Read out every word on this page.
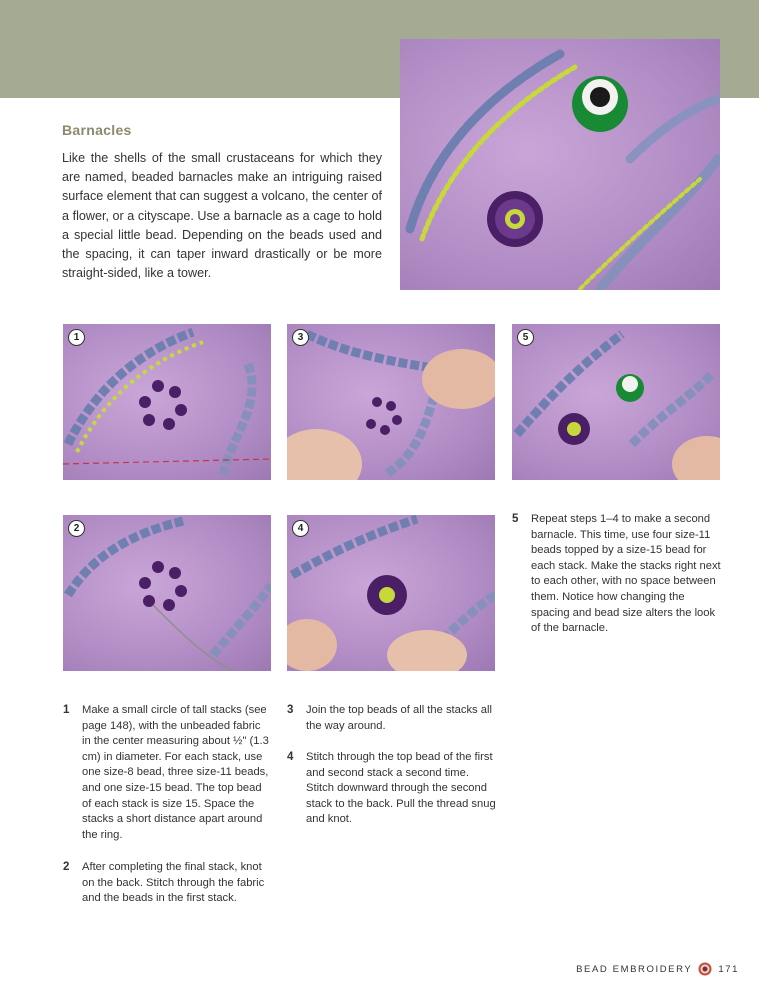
Barnacles
Like the shells of the small crustaceans for which they are named, beaded barnacles make an intriguing raised surface element that can suggest a volcano, the center of a flower, or a cityscape. Use a barnacle as a cage to hold a special little bead. Depending on the beads used and the spacing, it can taper inward drastically or be more straight-sided, like a tower.
1	3	5
2	4
5 Repeat steps 1–4 to make a second barnacle. This time, use four size-11 beads topped by a size-15 bead for each stack. Make the stacks right next to each other, with no space between them. Notice how changing the spacing and bead size alters the look of the barnacle.
1 Make a small circle of tall stacks (see page 148), with the unbeaded fabric in the center measuring about ½" (1.3 cm) in diameter. For each stack, use one size-8 bead, three size-11 beads, and one size-15 bead. The top bead of each stack is size 15. Space the stacks a short distance apart around the ring.
2 After completing the final stack, knot on the back. Stitch through the fabric and the beads in the first stack.
3 Join the top beads of all the stacks all the way around.
4 Stitch through the top bead of the first and second stack a second time. Stitch downward through the second stack to the back. Pull the thread snug and knot.
BEAD EMBROIDERY	171
